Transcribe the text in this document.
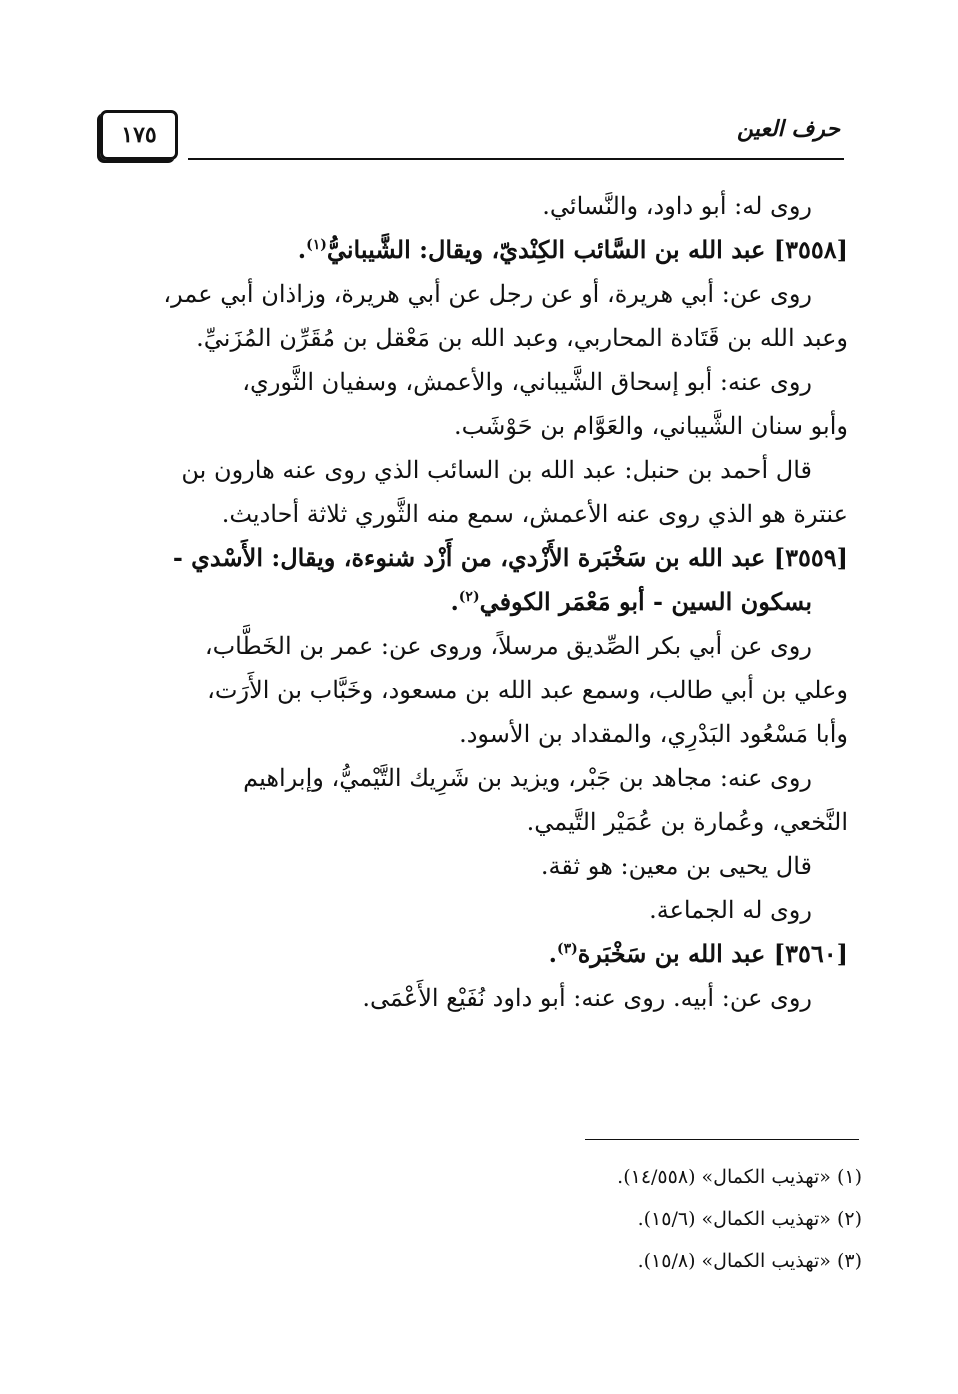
١٧٥	حرف العين
روى له: أبو داود، والنَّسائي.
[٣٥٥٨] عبد الله بن السَّائب الكِنْديّ، ويقال: الشَّيبانيُّ$^{(١)}$.
روى عن: أبي هريرة، أو عن رجل عن أبي هريرة، وزاذان أبي عمر،
وعبد الله بن قَتَادة المحاربي، وعبد الله بن مَعْقل بن مُقَرِّن المُزَنيِّ.
روى عنه: أبو إسحاق الشَّيباني، والأعمش، وسفيان الثَّوري،
وأبو سنان الشَّيباني، والعَوَّام بن حَوْشَب.
قال أحمد بن حنبل: عبد الله بن السائب الذي روى عنه هارون بن
عنترة هو الذي روى عنه الأعمش، سمع منه الثَّوري ثلاثة أحاديث.
[٣٥٥٩] عبد الله بن سَخْبَرة الأَزْدي، من أَزْد شنوءة، ويقال: الأَسْدي -
بسكون السين - أبو مَعْمَر الكوفي$^{(٢)}$.
روى عن أبي بكر الصِّديق مرسلاً، وروى عن: عمر بن الخَطَّاب،
وعلي بن أبي طالب، وسمع عبد الله بن مسعود، وخَبَّاب بن الأَرَت،
وأبا مَسْعُود البَدْرِي، والمقداد بن الأسود.
روى عنه: مجاهد بن جَبْر، ويزيد بن شَرِيك التَّيْميُّ، وإبراهيم
النَّخعي، وعُمارة بن عُمَيْر التَّيمي.
قال يحيى بن معين: هو ثقة.
روى له الجماعة.
[٣٥٦٠] عبد الله بن سَخْبَرة$^{(٣)}$.
روى عن: أبيه. روى عنه: أبو داود نُفَيْع الأَعْمَى.
(١) «تهذيب الكمال» (١٤/٥٥٨).
(٢) «تهذيب الكمال» (١٥/٦).
(٣) «تهذيب الكمال» (١٥/٨).
